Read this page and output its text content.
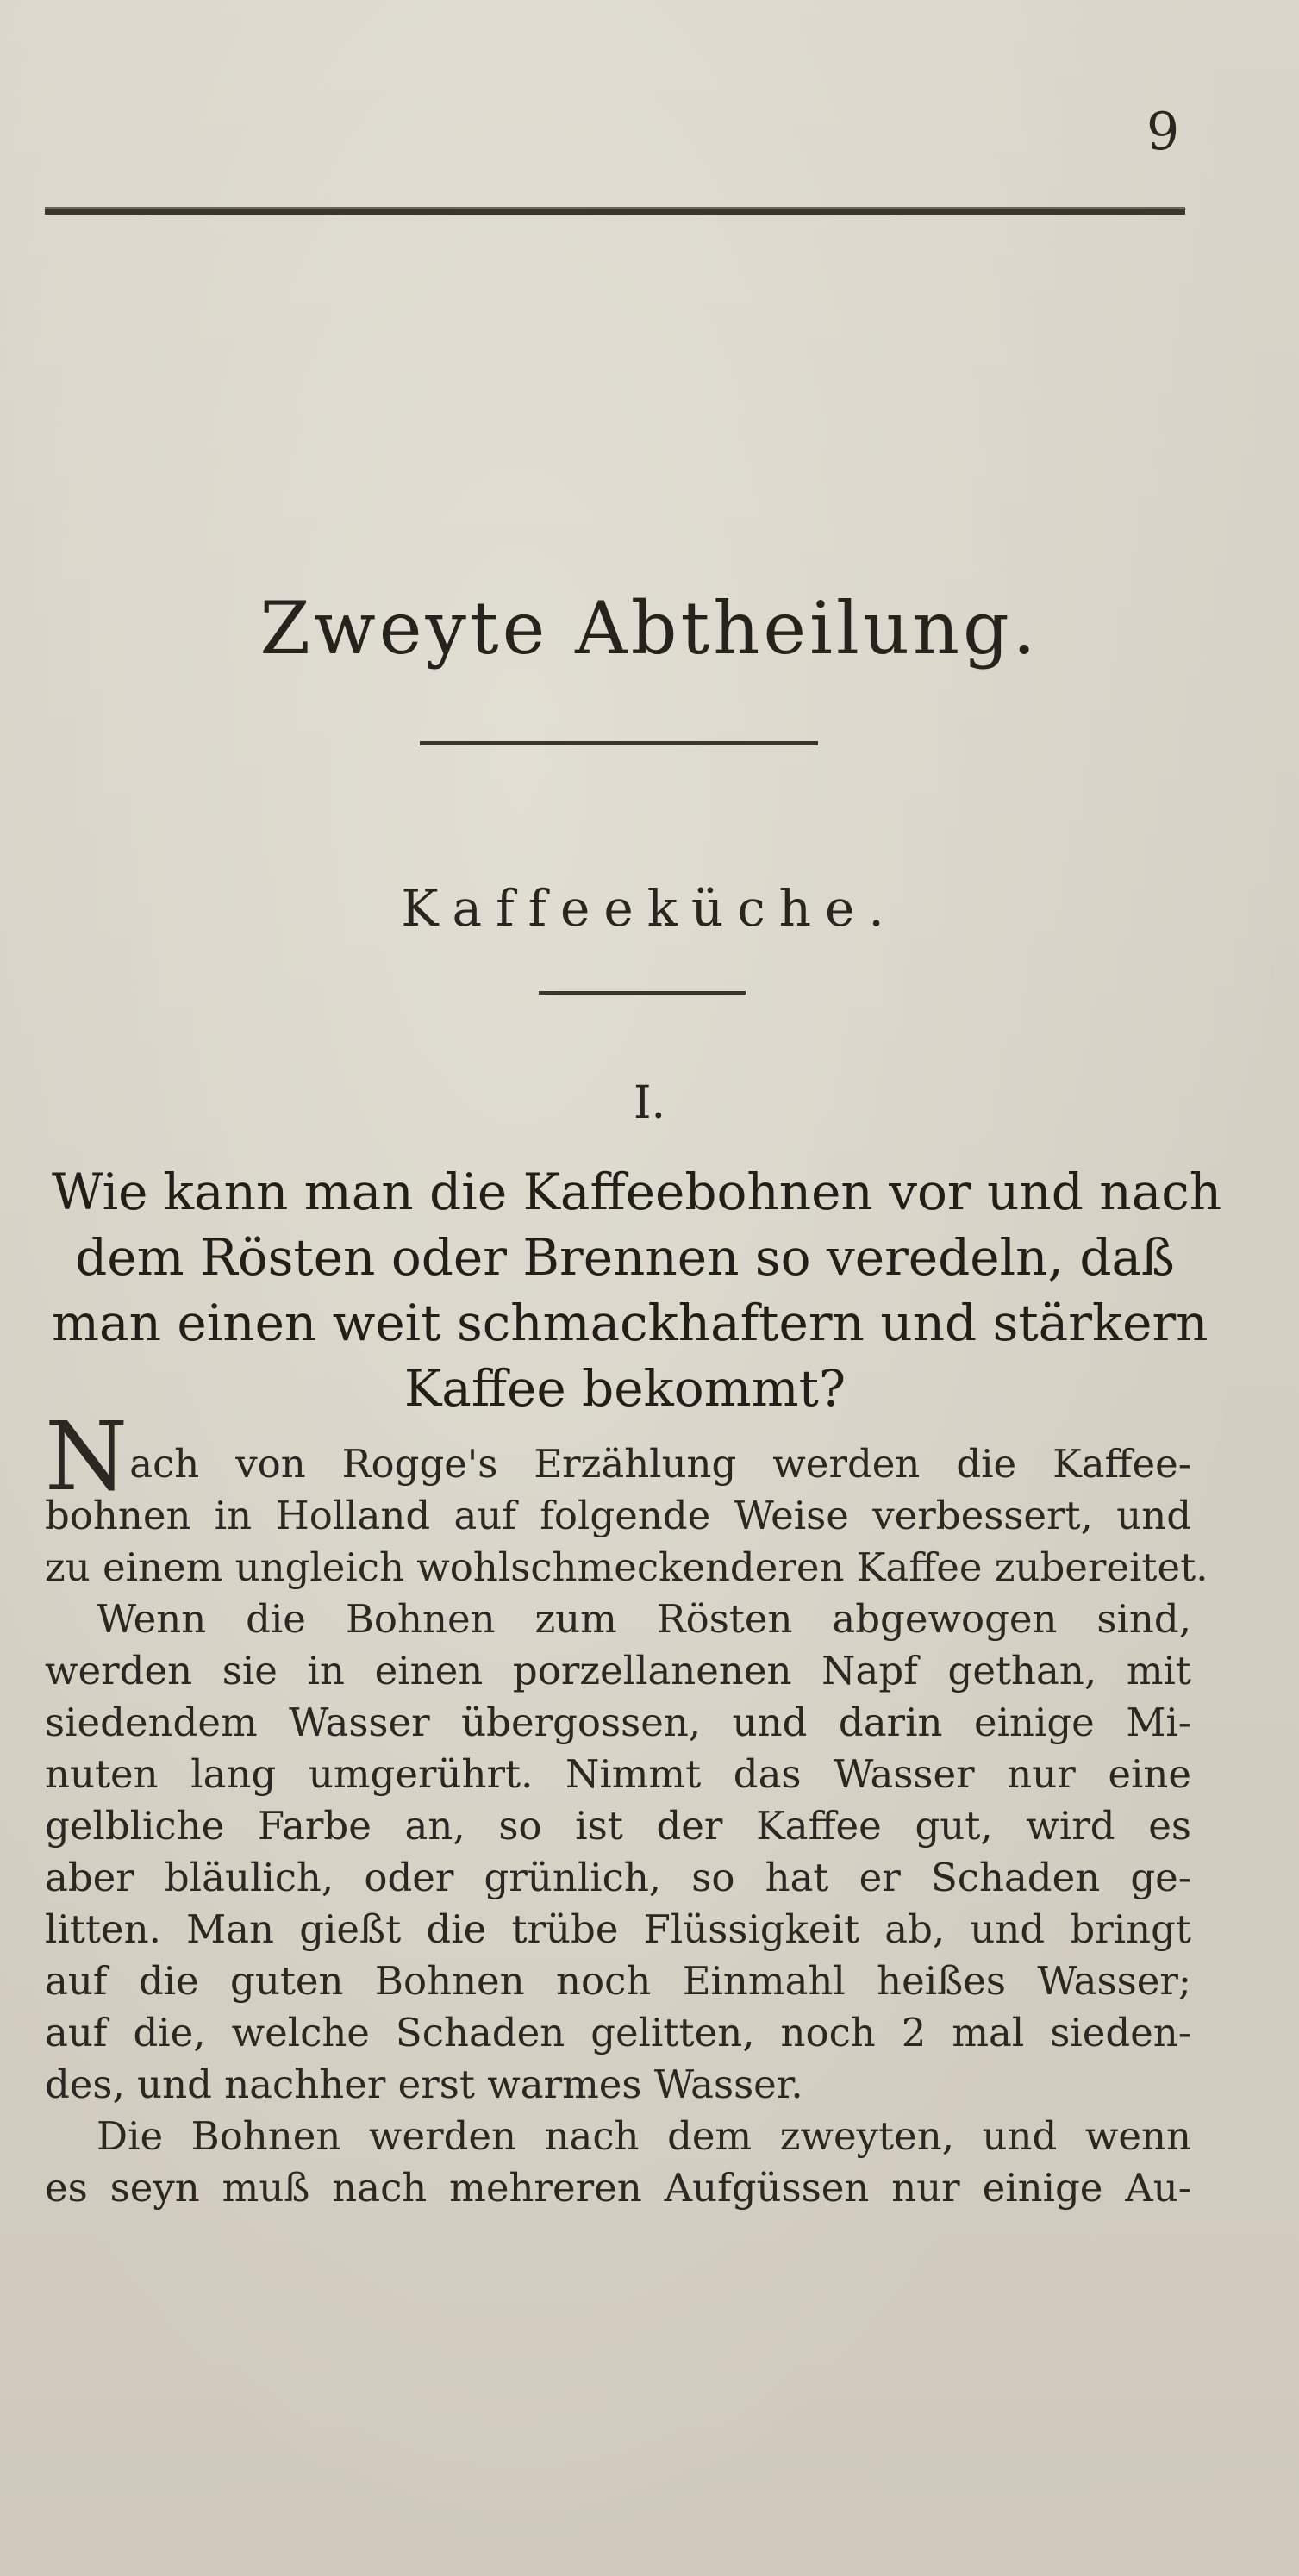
9
Zweyte Abtheilung.
Kaffeeküche.
I.
Wie kann man die Kaffeebohnen vor und nach
dem Rösten oder Brennen so veredeln, daß
man einen weit schmackhaftern und stärkern
Kaffee bekommt?
Nach von Rogge's Erzählung werden die Kaffee-
bohnen in Holland auf folgende Weise verbessert, und
zu einem ungleich wohlschmeckenderen Kaffee zubereitet.
Wenn die Bohnen zum Rösten abgewogen sind,
werden sie in einen porzellanenen Napf gethan, mit
siedendem Wasser übergossen, und darin einige Mi-
nuten lang umgerührt. Nimmt das Wasser nur eine
gelbliche Farbe an, so ist der Kaffee gut, wird es
aber bläulich, oder grünlich, so hat er Schaden ge-
litten. Man gießt die trübe Flüssigkeit ab, und bringt
auf die guten Bohnen noch Einmahl heißes Wasser;
auf die, welche Schaden gelitten, noch 2 mal sieden-
des, und nachher erst warmes Wasser.
Die Bohnen werden nach dem zweyten, und wenn
es seyn muß nach mehreren Aufgüssen nur einige Au-
